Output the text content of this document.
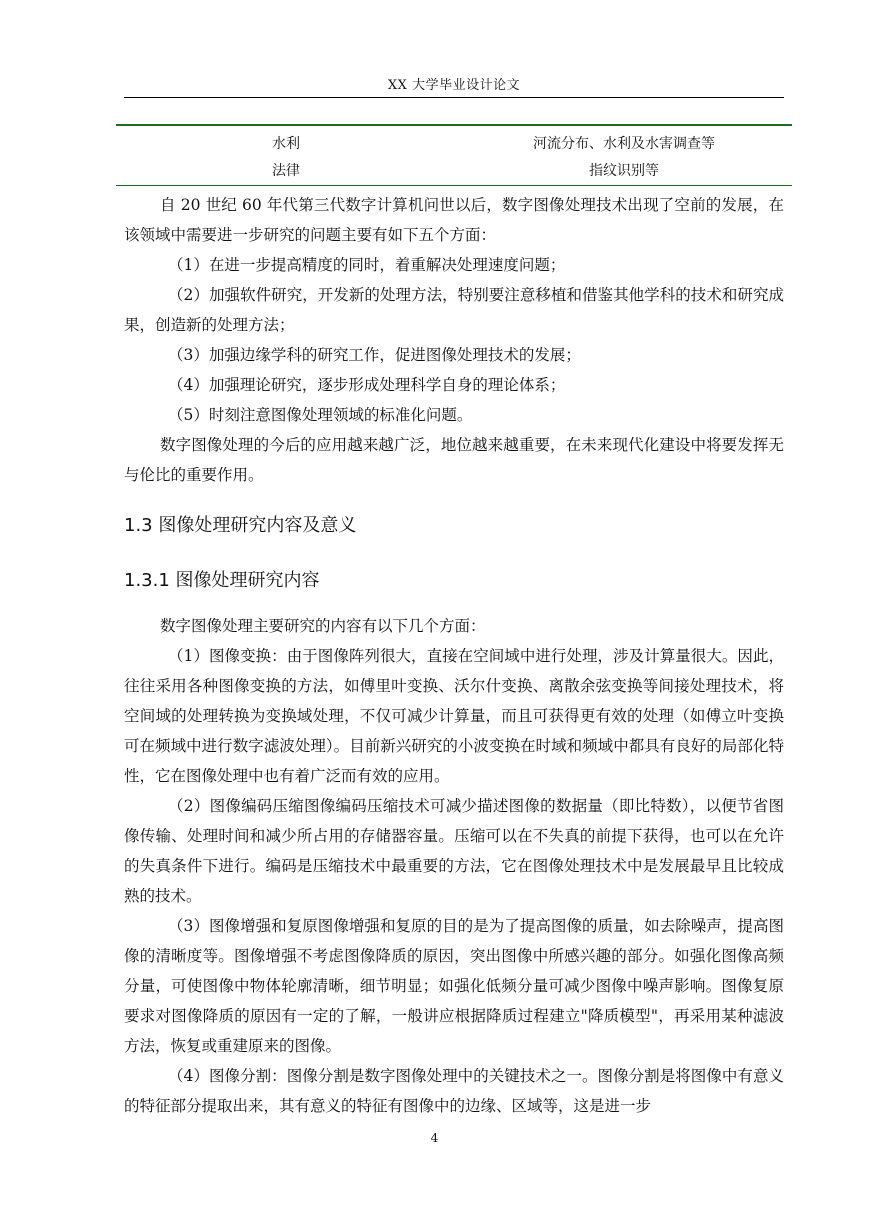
XX 大学毕业设计论文
水利	河流分布、水利及水害调查等
法律	指纹识别等

自 20 世纪 60 年代第三代数字计算机问世以后，数字图像处理技术出现了空前的发展，在该领域中需要进一步研究的问题主要有如下五个方面：

（1）在进一步提高精度的同时，着重解决处理速度问题；

（2）加强软件研究，开发新的处理方法，特别要注意移植和借鉴其他学科的技术和研究成果，创造新的处理方法；

（3）加强边缘学科的研究工作，促进图像处理技术的发展；

（4）加强理论研究，逐步形成处理科学自身的理论体系；

（5）时刻注意图像处理领域的标准化问题。

数字图像处理的今后的应用越来越广泛，地位越来越重要，在未来现代化建设中将要发挥无与伦比的重要作用。

1.3 图像处理研究内容及意义
1.3.1 图像处理研究内容

数字图像处理主要研究的内容有以下几个方面：

（1）图像变换：由于图像阵列很大，直接在空间域中进行处理，涉及计算量很大。因此，往往采用各种图像变换的方法，如傅里叶变换、沃尔什变换、离散余弦变换等间接处理技术，将空间域的处理转换为变换域处理，不仅可减少计算量，而且可获得更有效的处理（如傅立叶变换可在频域中进行数字滤波处理）。目前新兴研究的小波变换在时域和频域中都具有良好的局部化特性，它在图像处理中也有着广泛而有效的应用。

（2）图像编码压缩图像编码压缩技术可减少描述图像的数据量（即比特数），以便节省图像传输、处理时间和减少所占用的存储器容量。压缩可以在不失真的前提下获得，也可以在允许的失真条件下进行。编码是压缩技术中最重要的方法，它在图像处理技术中是发展最早且比较成熟的技术。

（3）图像增强和复原图像增强和复原的目的是为了提高图像的质量，如去除噪声，提高图像的清晰度等。图像增强不考虑图像降质的原因，突出图像中所感兴趣的部分。如强化图像高频分量，可使图像中物体轮廓清晰，细节明显；如强化低频分量可减少图像中噪声影响。图像复原要求对图像降质的原因有一定的了解，一般讲应根据降质过程建立"降质模型"，再采用某种滤波方法，恢复或重建原来的图像。

（4）图像分割：图像分割是数字图像处理中的关键技术之一。图像分割是将图像中有意义的特征部分提取出来，其有意义的特征有图像中的边缘、区域等，这是进一步

4
